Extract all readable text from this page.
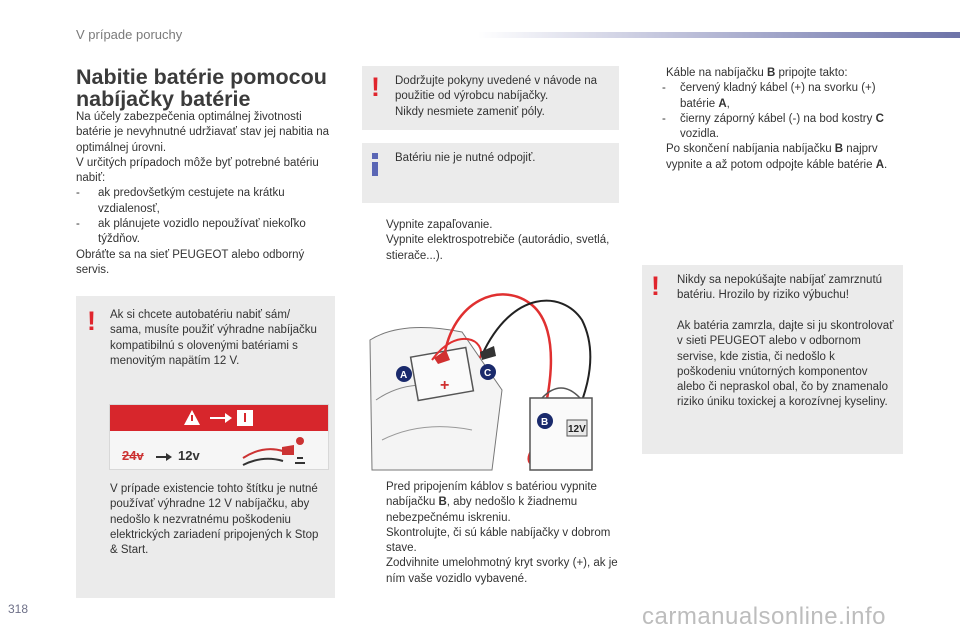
V prípade poruchy
Nabitie batérie pomocou
nabíjačky batérie

Na účely zabezpečenia optimálnej životnosti batérie je nevyhnutné udržiavať stav jej nabitia na optimálnej úrovni.

V určitých prípadoch môže byť potrebné batériu nabiť:

- ak predovšetkým cestujete na krátku vzdialenosť,
- ak plánujete vozidlo nepoužívať niekoľko týždňov.

Obráťte sa na sieť PEUGEOT alebo odborný servis.

! Ak si chcete autobatériu nabiť sám/ sama, musíte použiť výhradne nabíjačku kompatibilnú s olovenými batériami s menovitým napätím 12 V.
24v	12v
V prípade existencie tohto štítku je nutné používať výhradne 12 V nabíjačku, aby nedošlo k nezvratnému poškodeniu elektrických zariadení pripojených k Stop & Start.
! Dodržujte pokyny uvedené v návode na použitie od výrobcu nabíjačky.
Nikdy nesmiete zameniť póly.
Batériu nie je nutné odpojiť.
Vypnite zapaľovanie.
Vypnite elektrospotrebiče (autorádio, svetlá, stierače...).
+
A	C
B
12V
Pred pripojením káblov s batériou vypnite nabíjačku B, aby nedošlo k žiadnemu nebezpečnému iskreniu.
Skontrolujte, či sú káble nabíjačky v dobrom stave.
Zodvihnite umelohmotný kryt svorky (+), ak je ním vaše vozidlo vybavené.
Káble na nabíjačku B pripojte takto:
- červený kladný kábel (+) na svorku (+) batérie A,
- čierny záporný kábel (-) na bod kostry C vozidla.
Po skončení nabíjania nabíjačku B najprv vypnite a až potom odpojte káble batérie A.
! Nikdy sa nepokúšajte nabíjať zamrznutú batériu. Hrozilo by riziko výbuchu!
Ak batéria zamrzla, dajte si ju skontrolovať v sieti PEUGEOT alebo v odbornom servise, kde zistia, či nedošlo k poškodeniu vnútorných komponentov alebo či nepraskol obal, čo by znamenalo riziko úniku toxickej a korozívnej kyseliny.
318	carmanualsonline.info
